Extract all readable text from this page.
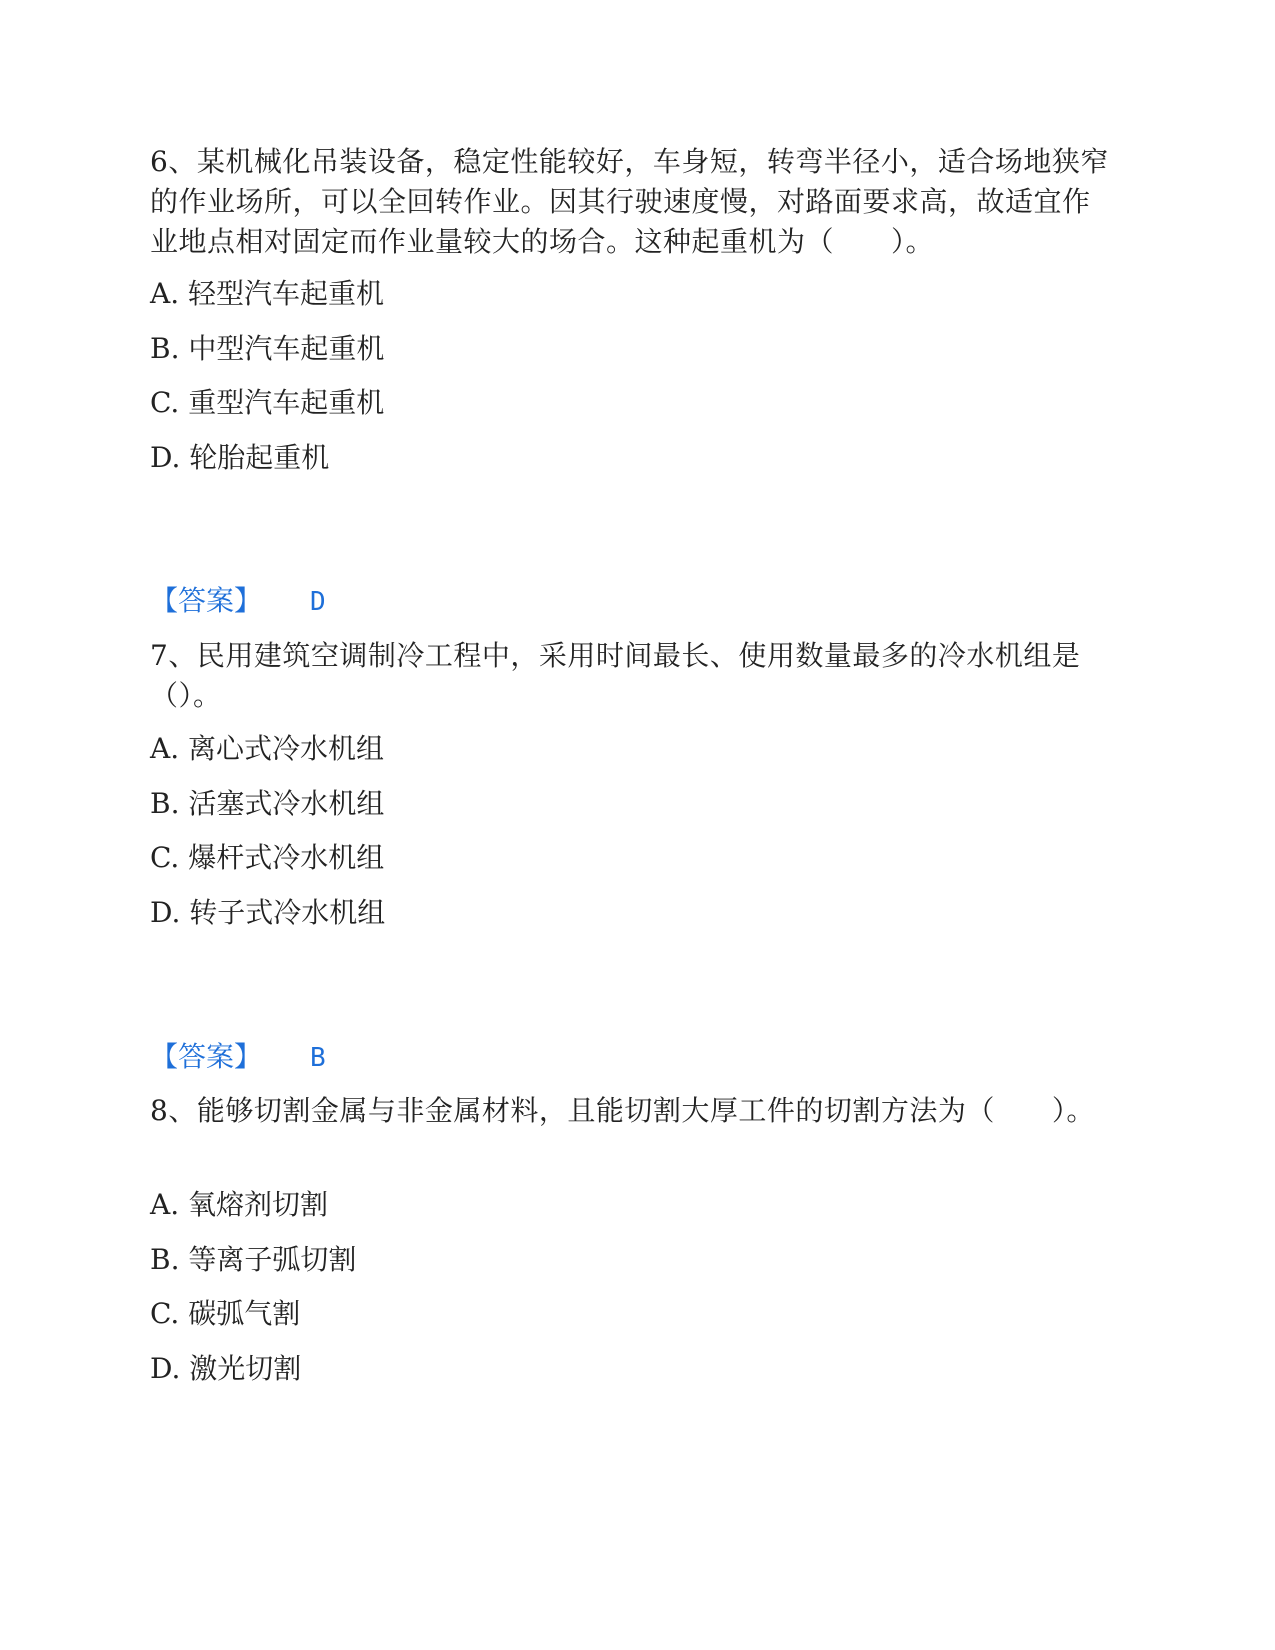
6、某机械化吊装设备，稳定性能较好，车身短，转弯半径小，适合场地狭窄的作业场所，可以全回转作业。因其行驶速度慢，对路面要求高，故适宜作业地点相对固定而作业量较大的场合。这种起重机为（　　）。

A. 轻型汽车起重机

B. 中型汽车起重机

C. 重型汽车起重机

D. 轮胎起重机

【答案】 D

7、民用建筑空调制冷工程中，采用时间最长、使用数量最多的冷水机组是（）。

A. 离心式冷水机组

B. 活塞式冷水机组

C. 爆杆式冷水机组

D. 转子式冷水机组

【答案】 B

8、能够切割金属与非金属材料，且能切割大厚工件的切割方法为（　　）。

A. 氧熔剂切割

B. 等离子弧切割

C. 碳弧气割

D. 激光切割
